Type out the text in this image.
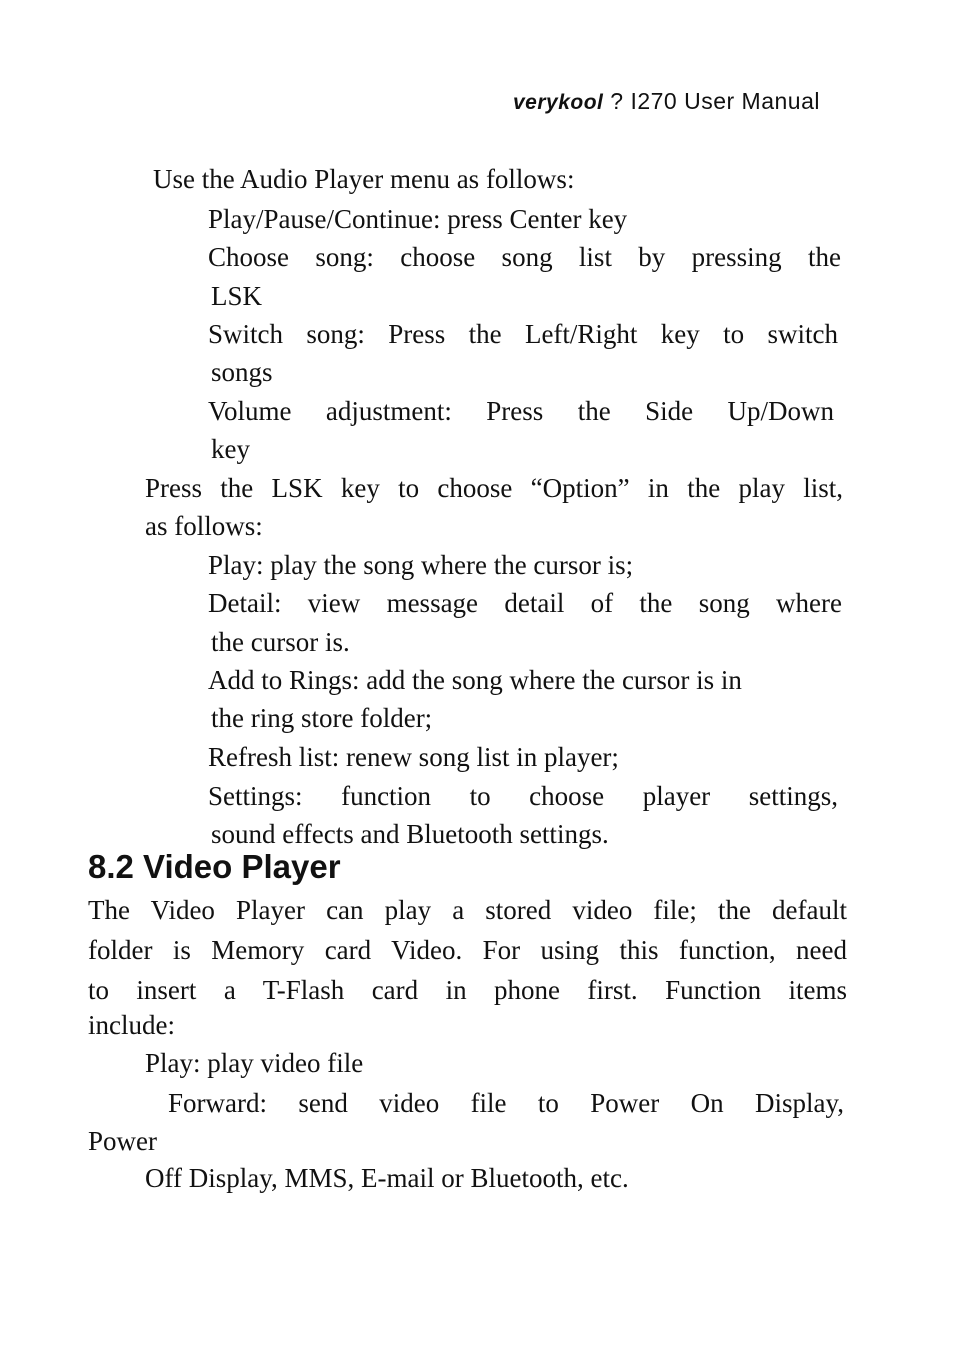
verykool ? I270 User Manual
Use the Audio Player menu as follows:
Play/Pause/Continue: press Center key
Choose song: choose song list by pressing the
LSK
Switch song: Press the Left/Right key to switch
songs
Volume adjustment: Press the Side Up/Down
key
Press the LSK key to choose “Option” in the play list,
as follows:
Play: play the song where the cursor is;
Detail: view message detail of the song where
the cursor is.
Add to Rings: add the song where the cursor is in
the ring store folder;
Refresh list: renew song list in player;
Settings: function to choose player settings,
sound effects and Bluetooth settings.
8.2 Video Player
The Video Player can play a stored video file; the default
folder is Memory card Video. For using this function, need
to insert a T-Flash card in phone first. Function items
include:
Play: play video file
Forward: send video file to Power On Display,
Power
Off Display, MMS, E-mail or Bluetooth, etc.
